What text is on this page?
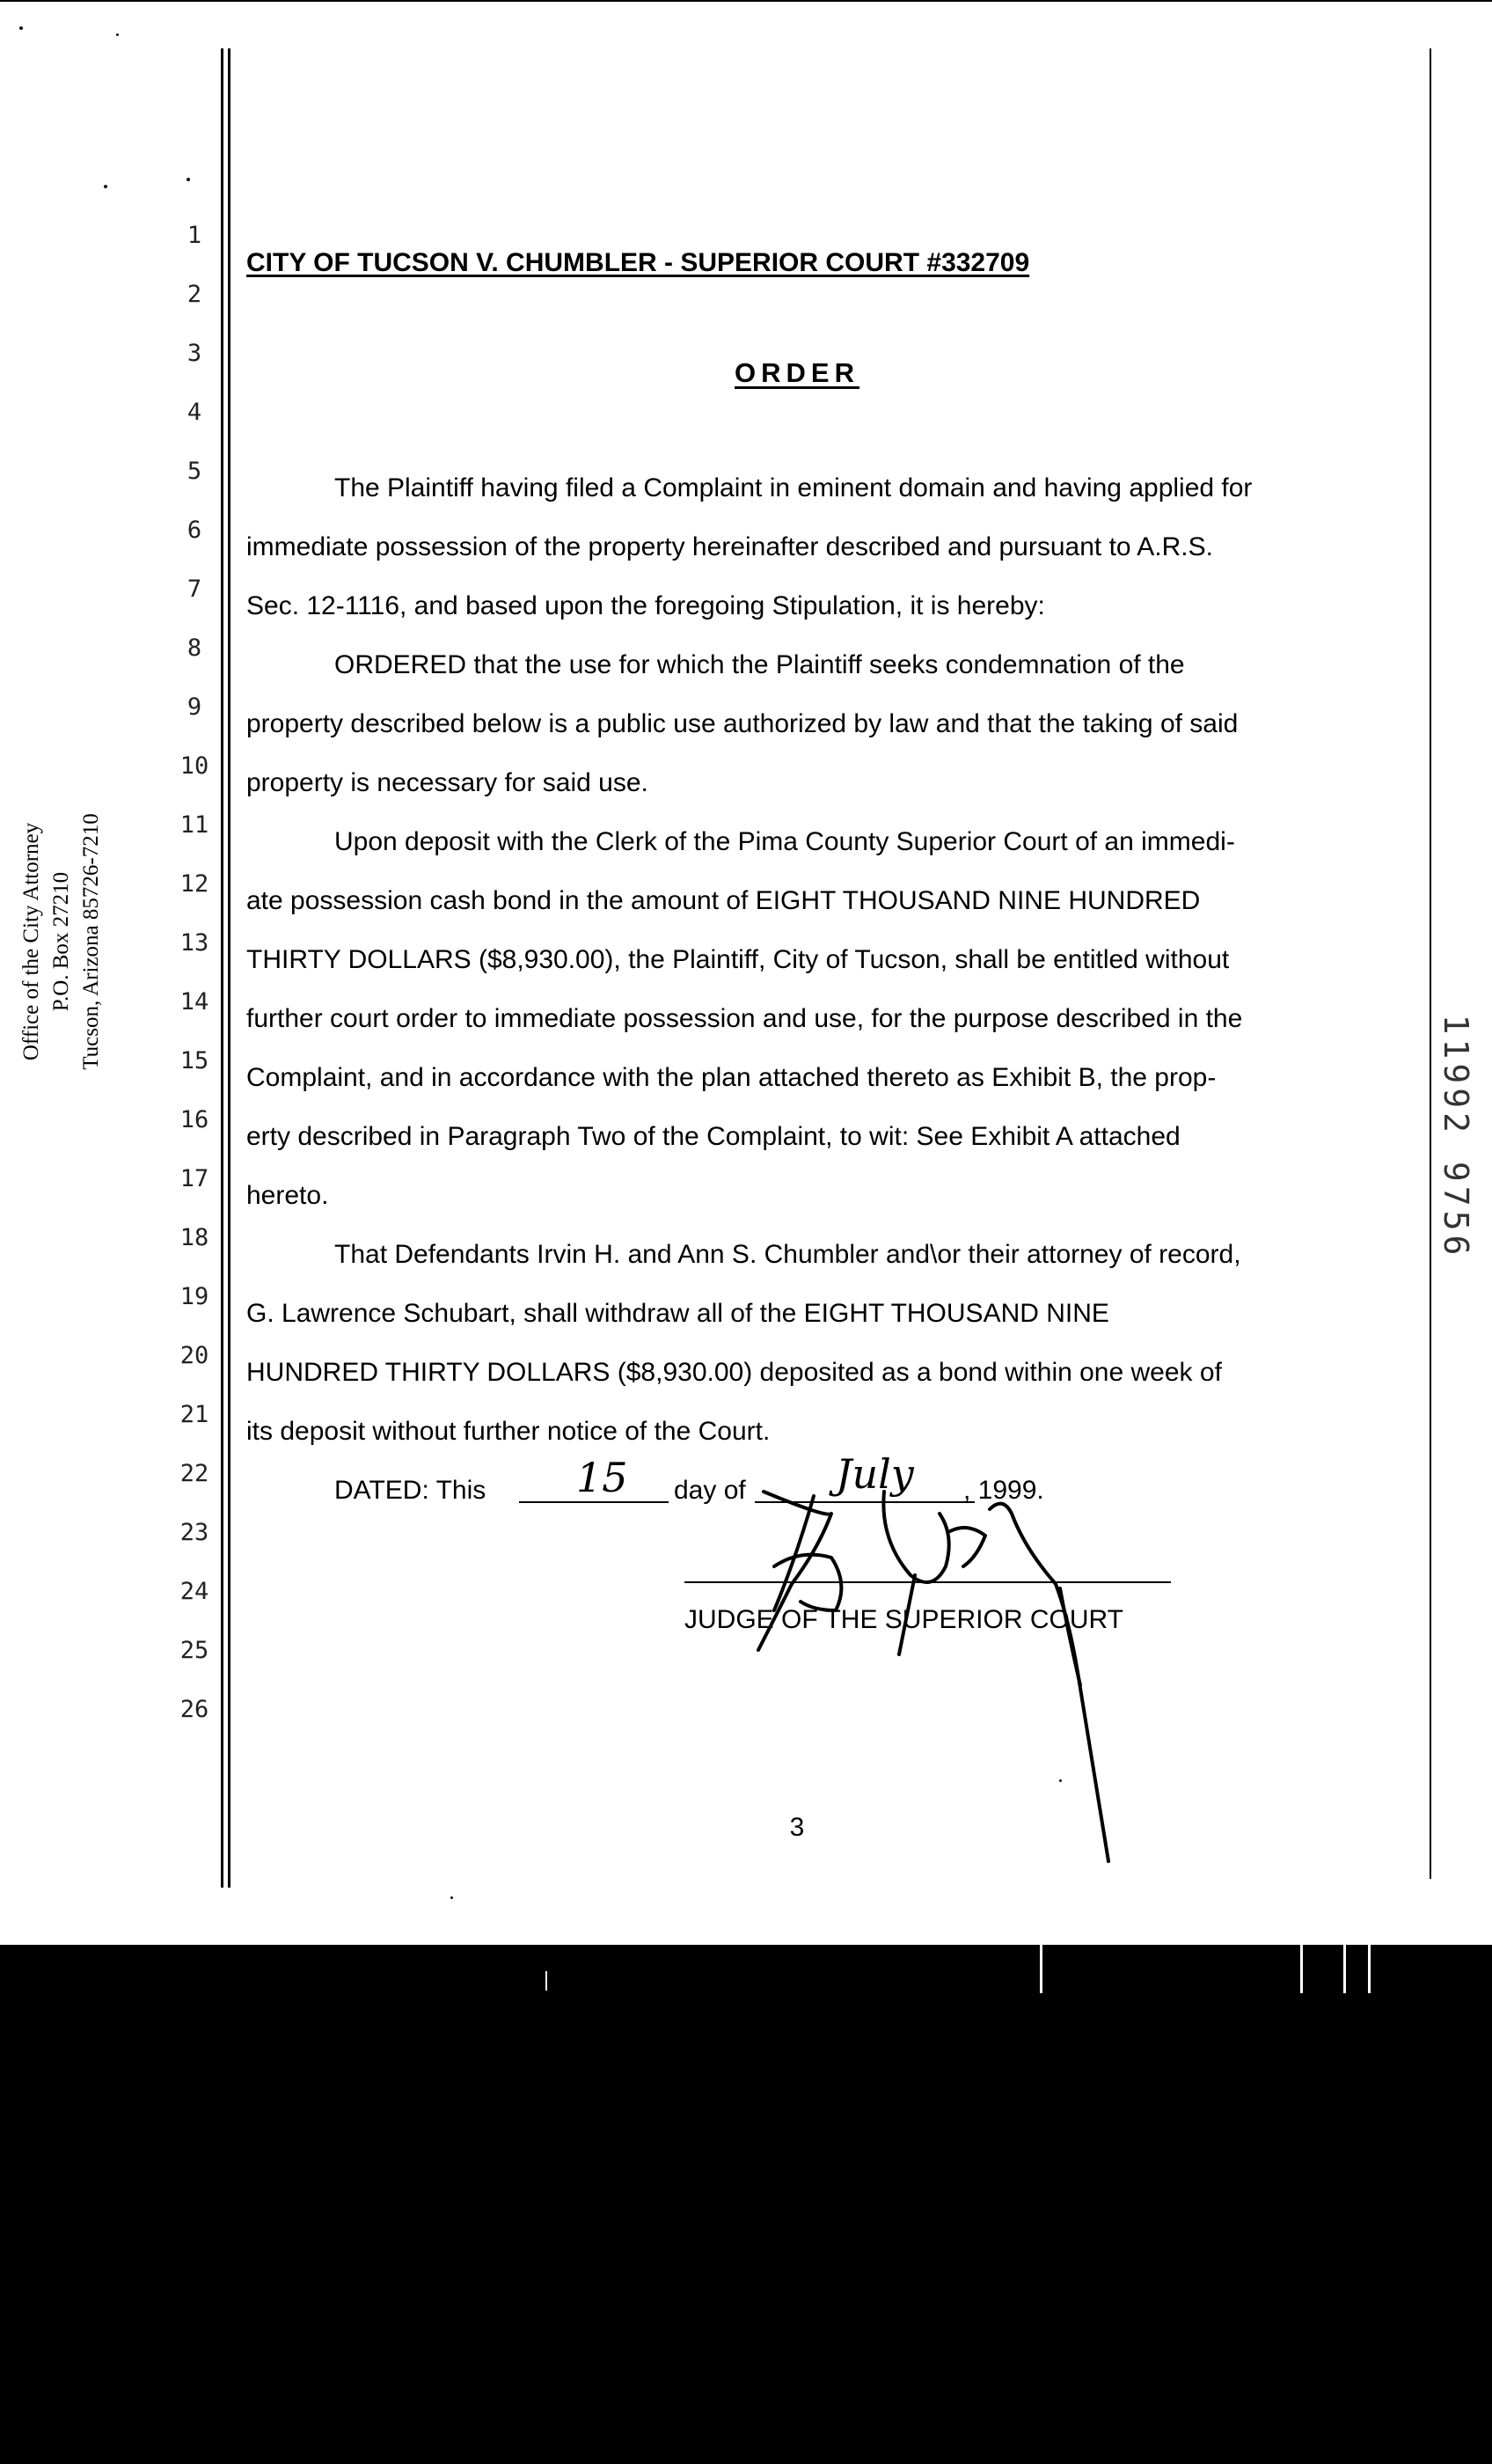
1
2
3
4
5
6
7
8
9
10
11
12
13
14
15
16
17
18
19
20
21
22
23
24
25
26
Office of the City Attorney P.O. Box 27210 Tucson, Arizona 85726-7210
11992 9756
CITY OF TUCSON V. CHUMBLER - SUPERIOR COURT #332709
ORDER
The Plaintiff having filed a Complaint in eminent domain and having applied for
immediate possession of the property hereinafter described and pursuant to A.R.S.
Sec. 12-1116, and based upon the foregoing Stipulation, it is hereby:
ORDERED that the use for which the Plaintiff seeks condemnation of the
property described below is a public use authorized by law and that the taking of said
property is necessary for said use.
Upon deposit with the Clerk of the Pima County Superior Court of an immedi-
ate possession cash bond in the amount of EIGHT THOUSAND NINE HUNDRED
THIRTY DOLLARS ($8,930.00), the Plaintiff, City of Tucson, shall be entitled without
further court order to immediate possession and use, for the purpose described in the
Complaint, and in accordance with the plan attached thereto as Exhibit B, the prop-
erty described in Paragraph Two of the Complaint, to wit: See Exhibit A attached
hereto.
That Defendants Irvin H. and Ann S. Chumbler and\or their attorney of record,
G. Lawrence Schubart, shall withdraw all of the EIGHT THOUSAND NINE
HUNDRED THIRTY DOLLARS ($8,930.00) deposited as a bond within one week of
its deposit without further notice of the Court.
DATED: This 15 day of July , 1999.
JUDGE OF THE SUPERIOR COURT
3
